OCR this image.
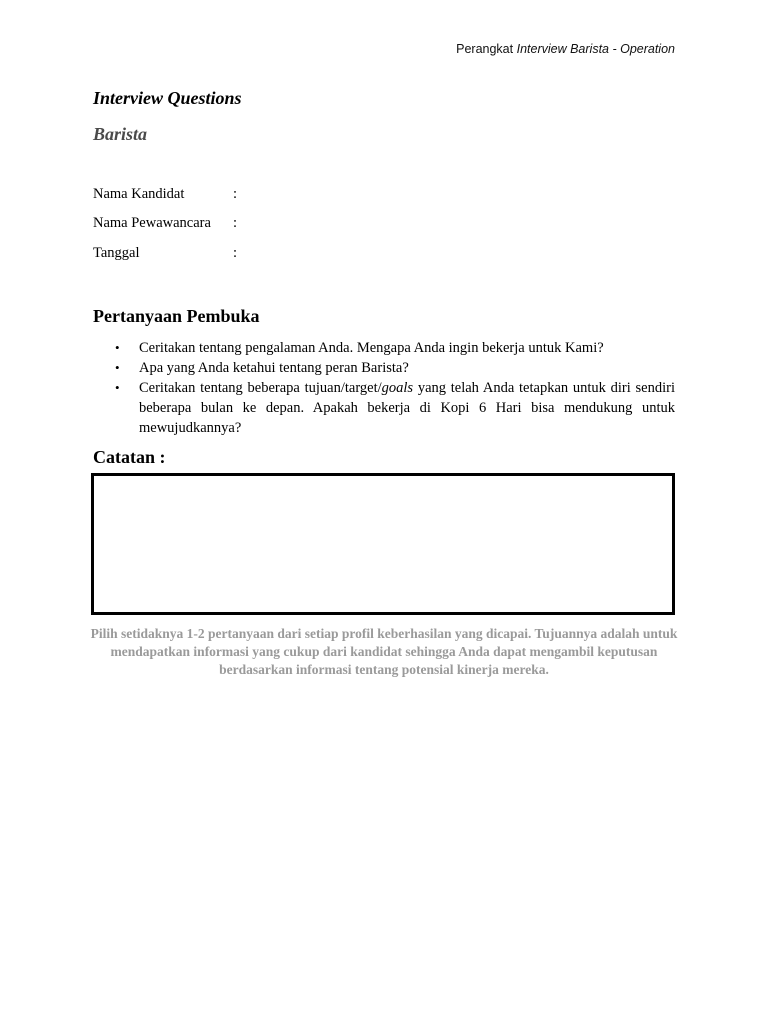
Perangkat Interview Barista - Operation
Interview Questions
Barista
Nama Kandidat	:
Nama Pewawancara :
Tanggal	:
Pertanyaan Pembuka
• Ceritakan tentang pengalaman Anda. Mengapa Anda ingin bekerja untuk Kami?
• Apa yang Anda ketahui tentang peran Barista?
• Ceritakan tentang beberapa tujuan/target/goals yang telah Anda tetapkan untuk diri sendiri beberapa bulan ke depan. Apakah bekerja di Kopi 6 Hari bisa mendukung untuk mewujudkannya?
Catatan :
Pilih setidaknya 1-2 pertanyaan dari setiap profil keberhasilan yang dicapai. Tujuannya adalah untuk mendapatkan informasi yang cukup dari kandidat sehingga Anda dapat mengambil keputusan berdasarkan informasi tentang potensial kinerja mereka.
